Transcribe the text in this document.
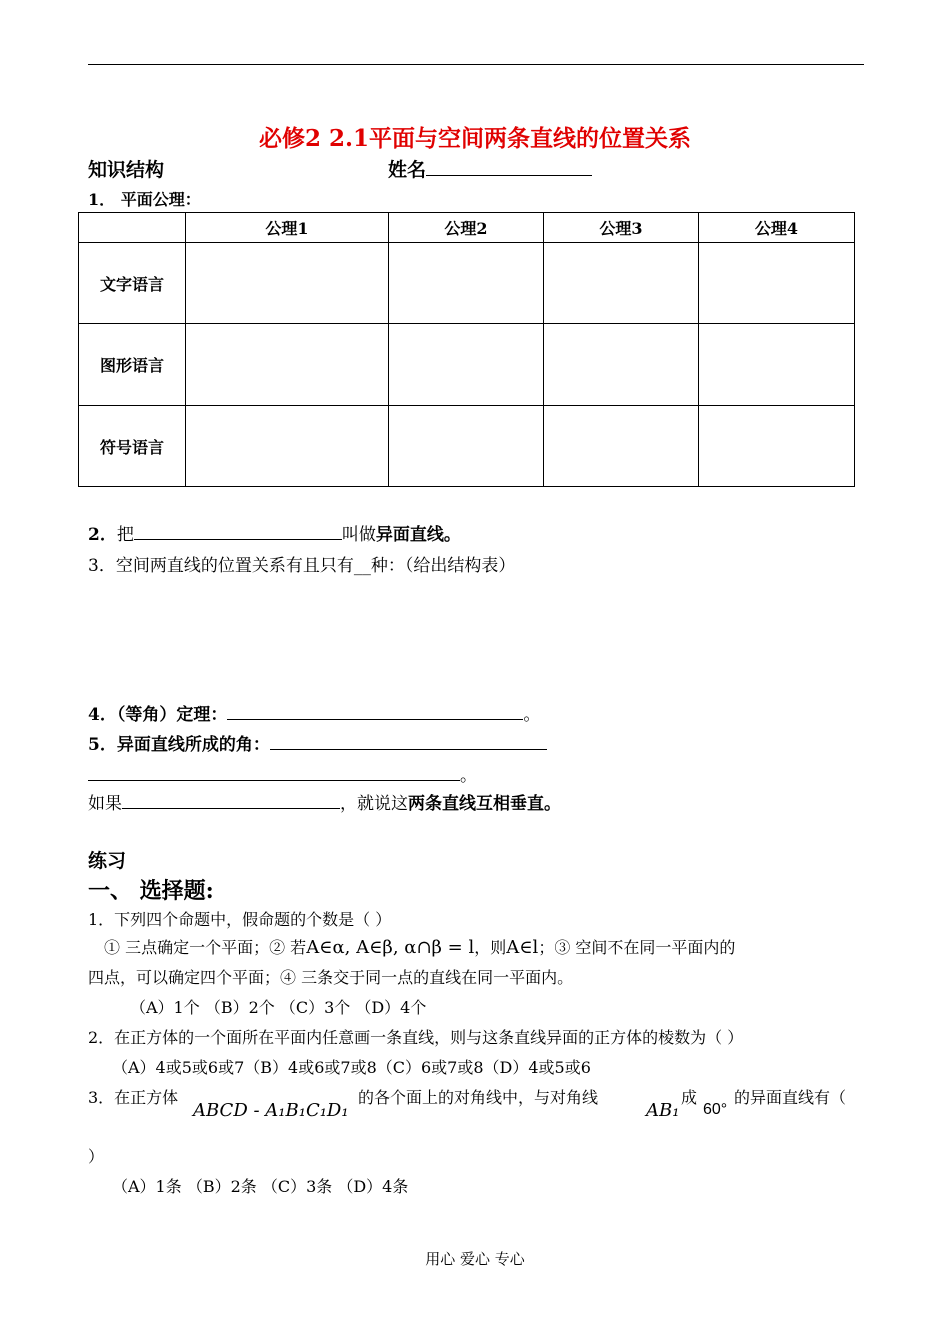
必修2 2.1平面与空间两条直线的位置关系
知识结构	姓名
1． 平面公理：
	公理1	公理2	公理3	公理4
文字语言				
图形语言				
符号语言				
2．把	叫做异面直线。
3．空间两直线的位置关系有且只有__种：（给出结构表）
4．（等角）定理：	。
5．异面直线所成的角：
。
如果	，就说这两条直线互相垂直。
练习
一、 选择题:
1．下列四个命题中，假命题的个数是（ ）
① 三点确定一个平面；② 若A∈α, A∈β, α∩β = l，则A∈l；③ 空间不在同一平面内的
四点，可以确定四个平面；④ 三条交于同一点的直线在同一平面内。
（A）1个 （B）2个 （C）3个 （D）4个
2．在正方体的一个面所在平面内任意画一条直线，则与这条直线异面的正方体的棱数为（ ）
（A）4或5或6或7（B）4或6或7或8（C）6或7或8（D）4或5或6
3．在正方体
ABCD - A₁B₁C₁D₁
的各个面上的对角线中，与对角线
AB₁
成
60°
的异面直线有（
）
（A）1条 （B）2条 （C）3条 （D）4条
用心 爱心 专心
